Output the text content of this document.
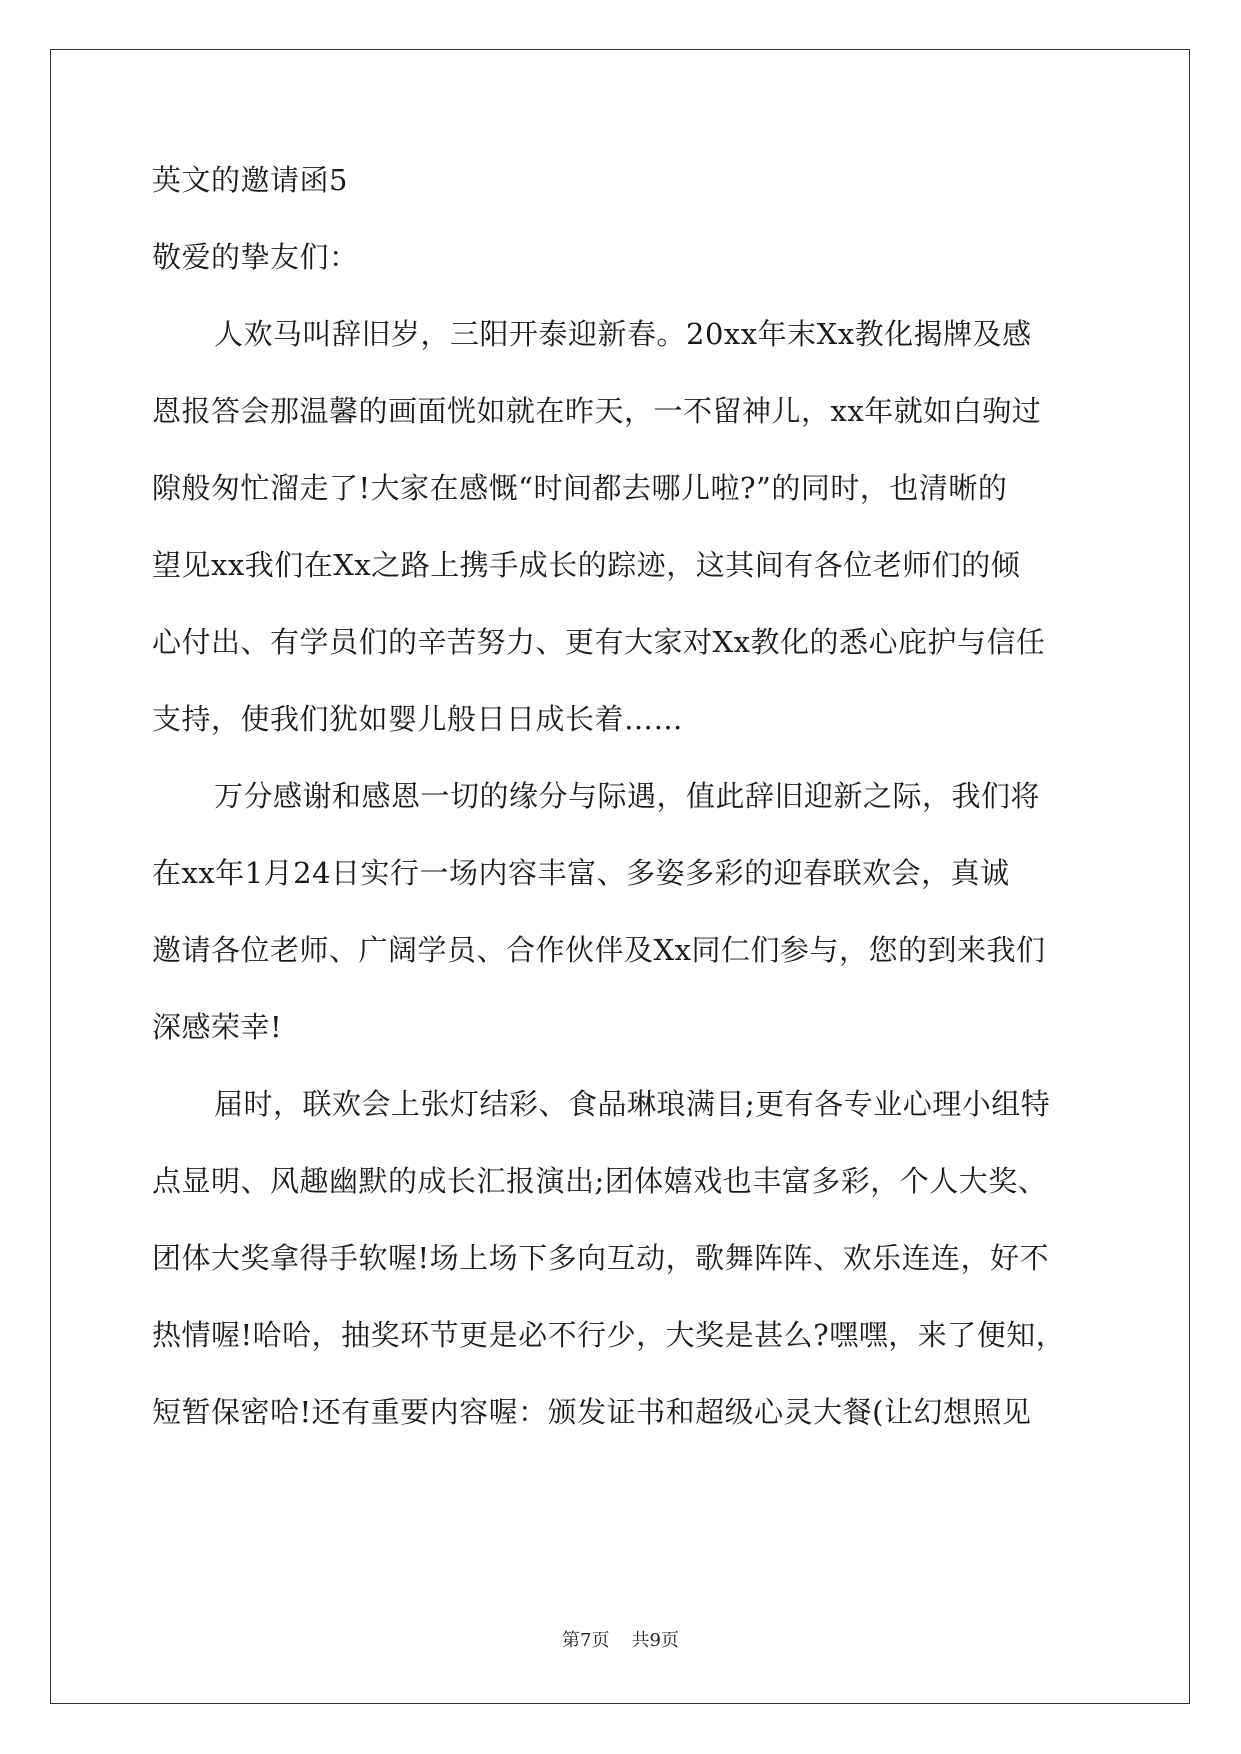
英文的邀请函5
敬爱的挚友们：
人欢马叫辞旧岁，三阳开泰迎新春。20xx年末Xx教化揭牌及感
恩报答会那温馨的画面恍如就在昨天，一不留神儿，xx年就如白驹过
隙般匆忙溜走了!大家在感慨“时间都去哪儿啦?”的同时，也清晰的
望见xx我们在Xx之路上携手成长的踪迹，这其间有各位老师们的倾
心付出、有学员们的辛苦努力、更有大家对Xx教化的悉心庇护与信任
支持，使我们犹如婴儿般日日成长着……
万分感谢和感恩一切的缘分与际遇，值此辞旧迎新之际，我们将
在xx年1月24日实行一场内容丰富、多姿多彩的迎春联欢会，真诚
邀请各位老师、广阔学员、合作伙伴及Xx同仁们参与，您的到来我们
深感荣幸!
届时，联欢会上张灯结彩、食品琳琅满目;更有各专业心理小组特
点显明、风趣幽默的成长汇报演出;团体嬉戏也丰富多彩，个人大奖、
团体大奖拿得手软喔!场上场下多向互动，歌舞阵阵、欢乐连连，好不
热情喔!哈哈，抽奖环节更是必不行少，大奖是甚么?嘿嘿，来了便知，
短暂保密哈!还有重要内容喔：颁发证书和超级心灵大餐(让幻想照见
第7页 共9页
